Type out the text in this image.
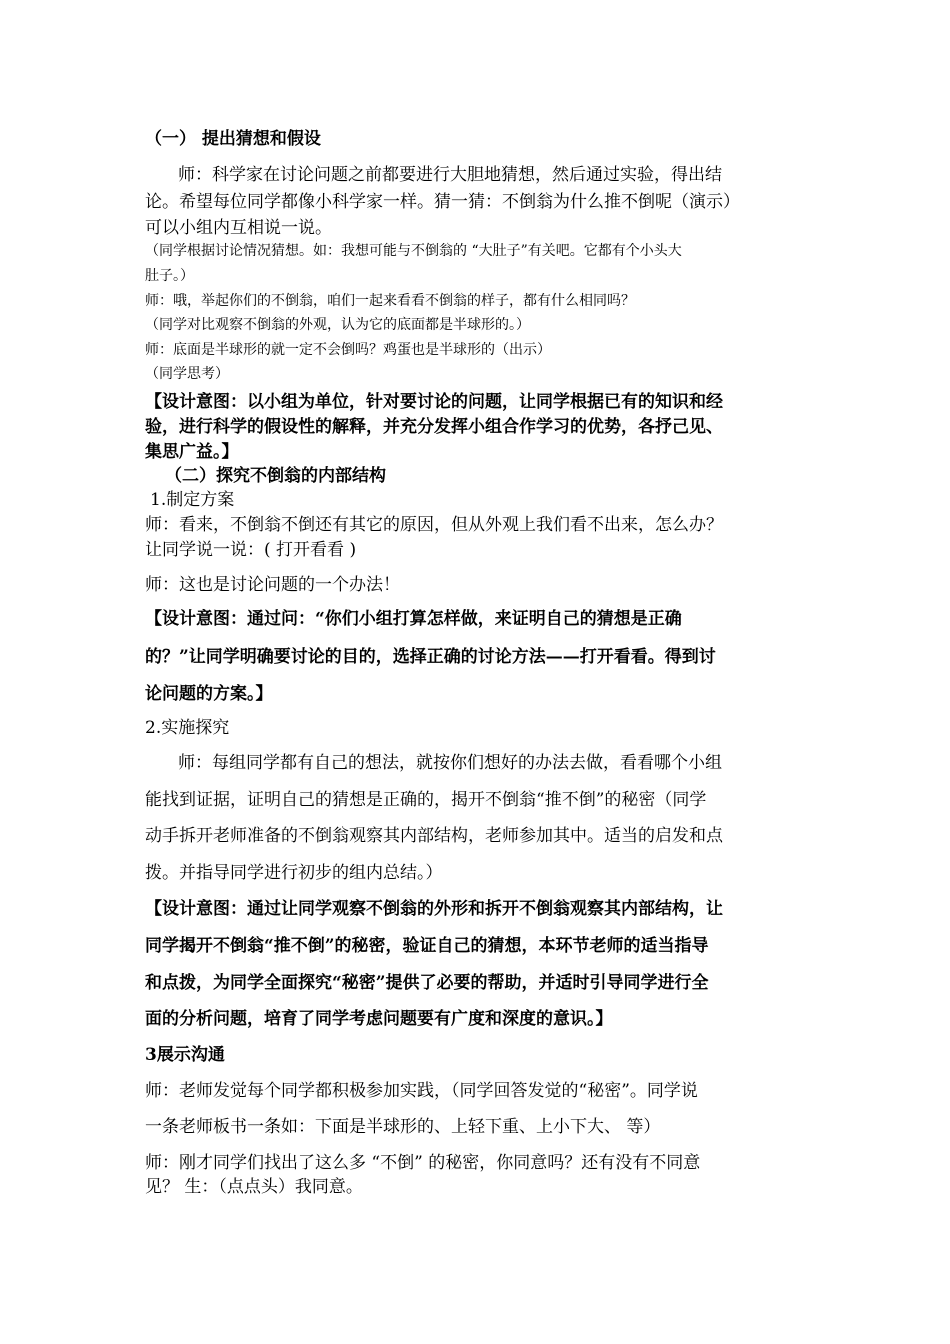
（一） 提出猜想和假设
师：科学家在讨论问题之前都要进行大胆地猜想，然后通过实验，得出结
论。希望每位同学都像小科学家一样。猜一猜：不倒翁为什么推不倒呢（演示）
可以小组内互相说一说。
（同学根据讨论情况猜想。如：我想可能与不倒翁的 “大肚子”有关吧。它都有个小头大
肚子。）
师：哦，举起你们的不倒翁，咱们一起来看看不倒翁的样子，都有什么相同吗？
（同学对比观察不倒翁的外观，认为它的底面都是半球形的。）
师：底面是半球形的就一定不会倒吗？鸡蛋也是半球形的（出示）
（同学思考）
【设计意图：以小组为单位，针对要讨论的问题，让同学根据已有的知识和经
验，进行科学的假设性的解释，并充分发挥小组合作学习的优势，各抒己见、
集思广益。】
（二）探究不倒翁的内部结构
1.制定方案
师：看来，不倒翁不倒还有其它的原因，但从外观上我们看不出来，怎么办？
让同学说一说：( 打开看看 )
师：这也是讨论问题的一个办法！
【设计意图：通过问：“你们小组打算怎样做，来证明自己的猜想是正确
的？”让同学明确要讨论的目的，选择正确的讨论方法——打开看看。得到讨
论问题的方案。】
2.实施探究
师：每组同学都有自己的想法，就按你们想好的办法去做，看看哪个小组
能找到证据，证明自己的猜想是正确的，揭开不倒翁“推不倒”的秘密（同学
动手拆开老师准备的不倒翁观察其内部结构，老师参加其中。适当的启发和点
拨。并指导同学进行初步的组内总结。）
【设计意图：通过让同学观察不倒翁的外形和拆开不倒翁观察其内部结构，让
同学揭开不倒翁“推不倒”的秘密，验证自己的猜想，本环节老师的适当指导
和点拨，为同学全面探究“秘密”提供了必要的帮助，并适时引导同学进行全
面的分析问题，培育了同学考虑问题要有广度和深度的意识。】
3展示沟通
师：老师发觉每个同学都积极参加实践，（同学回答发觉的“秘密”。同学说
一条老师板书一条如：下面是半球形的、上轻下重、上小下大、 等）
师：刚才同学们找出了这么多 “不倒” 的秘密，你同意吗？还有没有不同意
见？ 生：（点点头）我同意。
